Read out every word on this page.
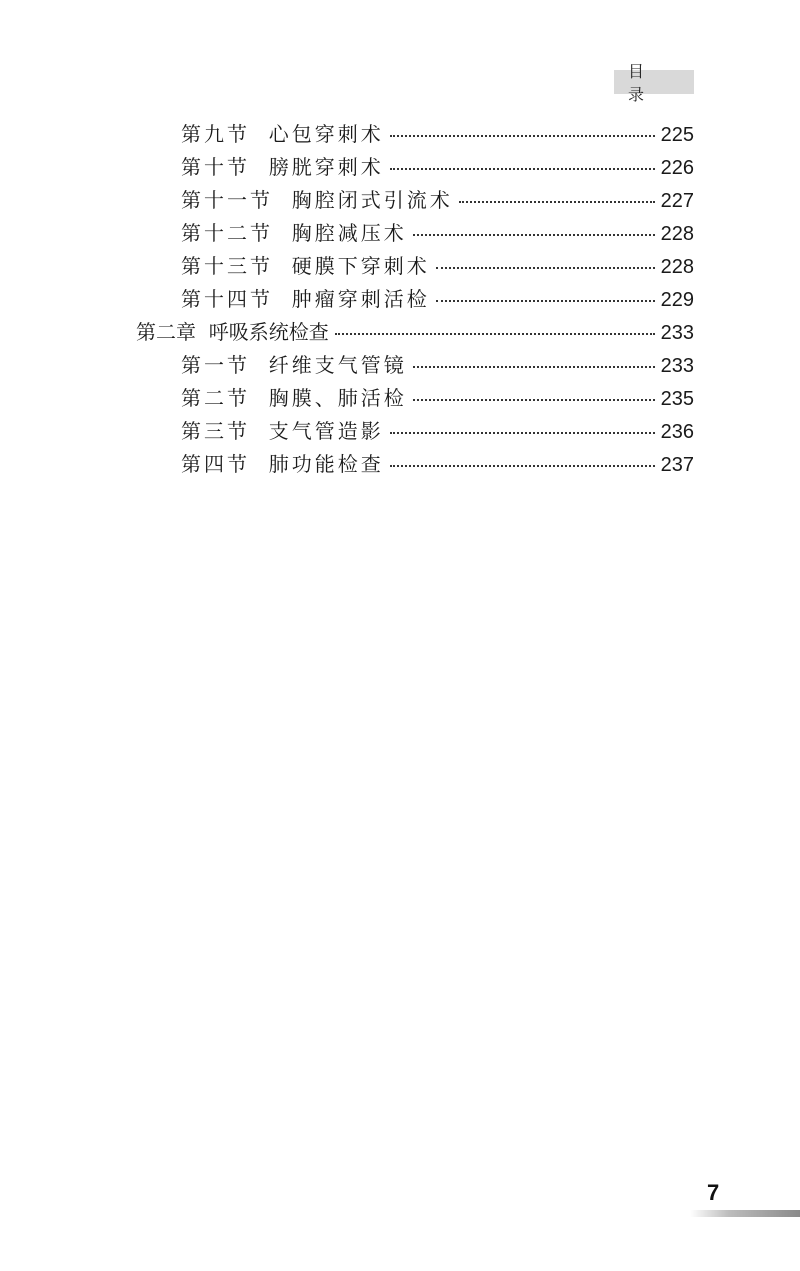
目 录
第九节  心包穿刺术	225
第十节  膀胱穿刺术	226
第十一节  胸腔闭式引流术	227
第十二节  胸腔减压术	228
第十三节  硬膜下穿刺术	228
第十四节  肿瘤穿刺活检	229
第二章  呼吸系统检查	233
第一节  纤维支气管镜	233
第二节  胸膜、肺活检	235
第三节  支气管造影	236
第四节  肺功能检查	237
7
